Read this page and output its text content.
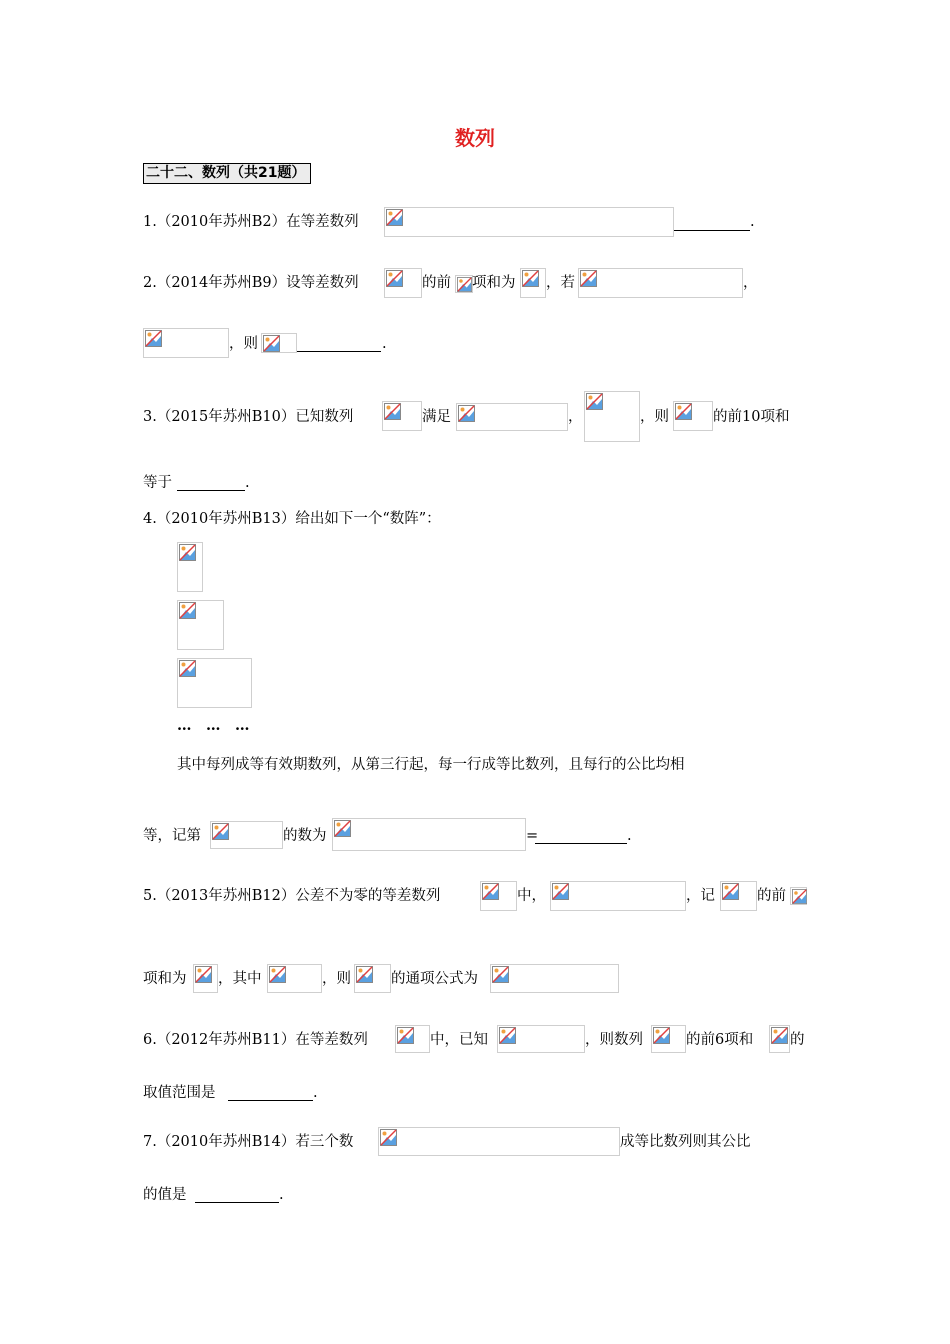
数列
二十二、数列（共21题）
1.（2010年苏州B2）在等差数列	.
2.（2014年苏州B9）设等差数列	的前 项和为 ，若	，
，则	.
3.（2015年苏州B10）已知数列	满足	，	，则	的前10项和
等于	.
4.（2010年苏州B13）给出如下一个“数阵”：
…　…　…
其中每列成等有效期数列，从第三行起，每一行成等比数列，且每行的公比均相
等，记第	的数为	=	.
5.（2013年苏州B12）公差不为零的等差数列	中，	，记	的前
项和为 ，其中	，则	的通项公式为
6.（2012年苏州B11）在等差数列	中，已知	，则数列	的前6项和	的
取值范围是	.
7.（2010年苏州B14）若三个数	成等比数列则其公比
的值是	.
